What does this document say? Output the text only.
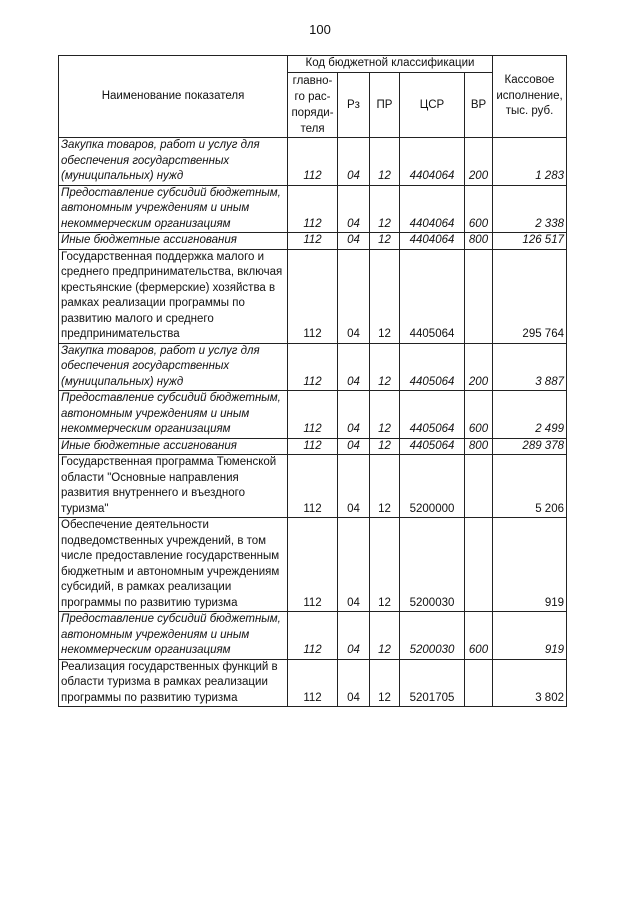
100
Наименование показателя	Код бюджетной классификации					Кассовое исполнение, тыс. руб.
	главно-го рас-поряди-теля	Рз	ПР	ЦСР	ВР	
Закупка товаров, работ и услуг для обеспечения государственных (муниципальных) нужд	112	04	12	4404064	200	1 283
Предоставление субсидий бюджетным, автономным учреждениям и иным некоммерческим организациям	112	04	12	4404064	600	2 338
Иные бюджетные ассигнования	112	04	12	4404064	800	126 517
Государственная поддержка малого и среднего предпринимательства, включая крестьянские (фермерские) хозяйства в рамках реализации программы по развитию малого и среднего предпринимательства	112	04	12	4405064		295 764
Закупка товаров, работ и услуг для обеспечения государственных (муниципальных) нужд	112	04	12	4405064	200	3 887
Предоставление субсидий бюджетным, автономным учреждениям и иным некоммерческим организациям	112	04	12	4405064	600	2 499
Иные бюджетные ассигнования	112	04	12	4405064	800	289 378
Государственная программа Тюменской области "Основные направления развития внутреннего и въездного туризма"	112	04	12	5200000		5 206
Обеспечение деятельности подведомственных учреждений, в том числе предоставление государственным бюджетным и автономным учреждениям субсидий, в рамках реализации программы по развитию туризма	112	04	12	5200030		919
Предоставление субсидий бюджетным, автономным учреждениям и иным некоммерческим организациям	112	04	12	5200030	600	919
Реализация государственных функций в области туризма в рамках реализации программы по развитию туризма	112	04	12	5201705		3 802
